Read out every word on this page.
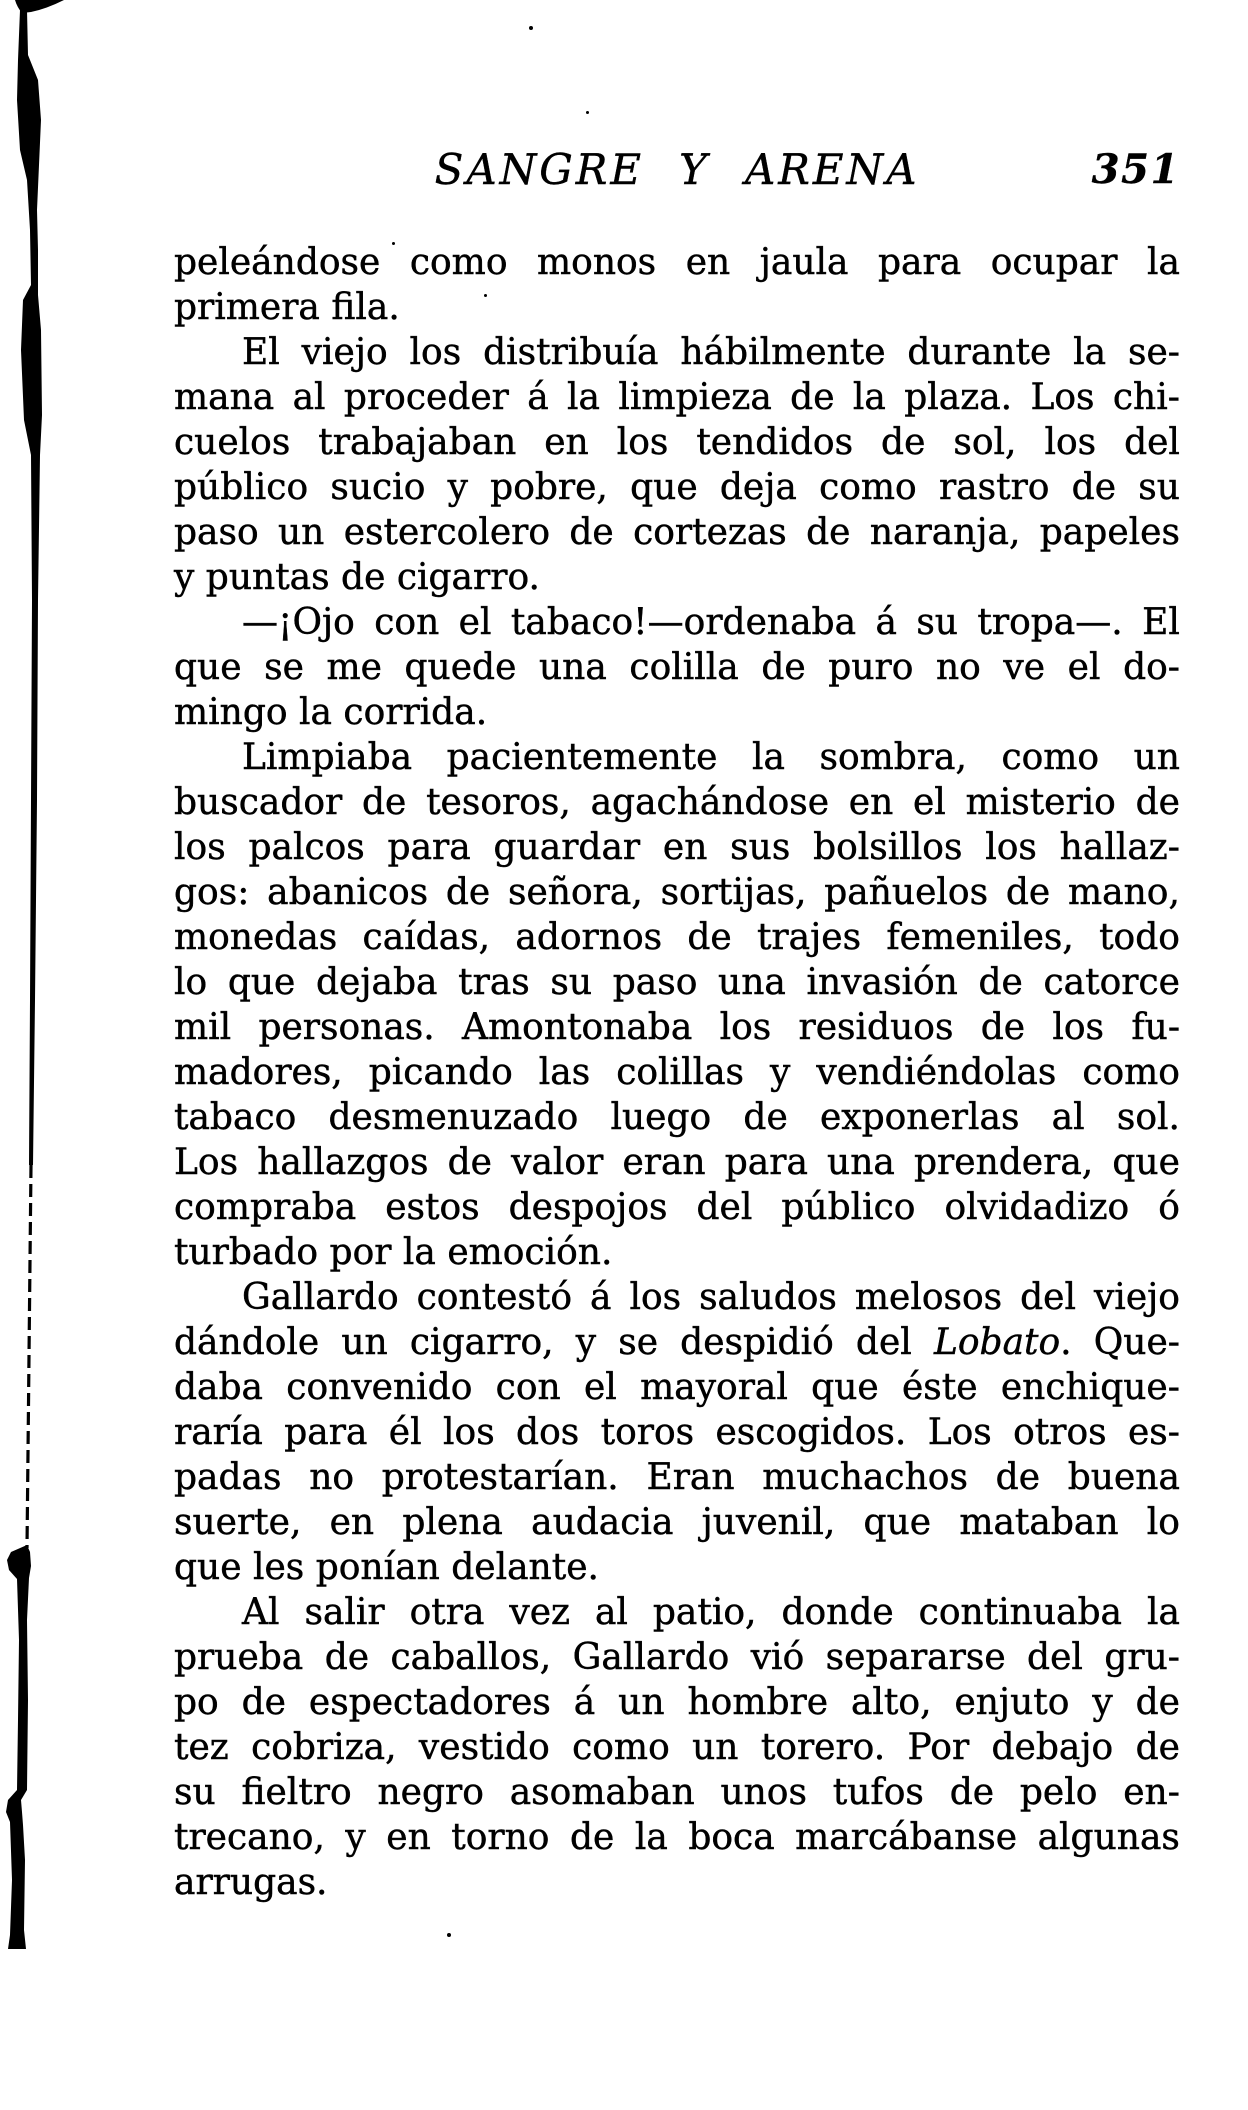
SANGRE Y ARENA	351
peleándose como monos en jaula para ocupar la
primera fila.
El viejo los distribuía hábilmente durante la se-
mana al proceder á la limpieza de la plaza. Los chi-
cuelos trabajaban en los tendidos de sol, los del
público sucio y pobre, que deja como rastro de su
paso un estercolero de cortezas de naranja, papeles
y puntas de cigarro.
—¡Ojo con el tabaco!—ordenaba á su tropa—. El
que se me quede una colilla de puro no ve el do-
mingo la corrida.
Limpiaba pacientemente la sombra, como un
buscador de tesoros, agachándose en el misterio de
los palcos para guardar en sus bolsillos los hallaz-
gos: abanicos de señora, sortijas, pañuelos de mano,
monedas caídas, adornos de trajes femeniles, todo
lo que dejaba tras su paso una invasión de catorce
mil personas. Amontonaba los residuos de los fu-
madores, picando las colillas y vendiéndolas como
tabaco desmenuzado luego de exponerlas al sol.
Los hallazgos de valor eran para una prendera, que
compraba estos despojos del público olvidadizo ó
turbado por la emoción.
Gallardo contestó á los saludos melosos del viejo
dándole un cigarro, y se despidió del Lobato. Que-
daba convenido con el mayoral que éste enchique-
raría para él los dos toros escogidos. Los otros es-
padas no protestarían. Eran muchachos de buena
suerte, en plena audacia juvenil, que mataban lo
que les ponían delante.
Al salir otra vez al patio, donde continuaba la
prueba de caballos, Gallardo vió separarse del gru-
po de espectadores á un hombre alto, enjuto y de
tez cobriza, vestido como un torero. Por debajo de
su fieltro negro asomaban unos tufos de pelo en-
trecano, y en torno de la boca marcábanse algunas
arrugas.
